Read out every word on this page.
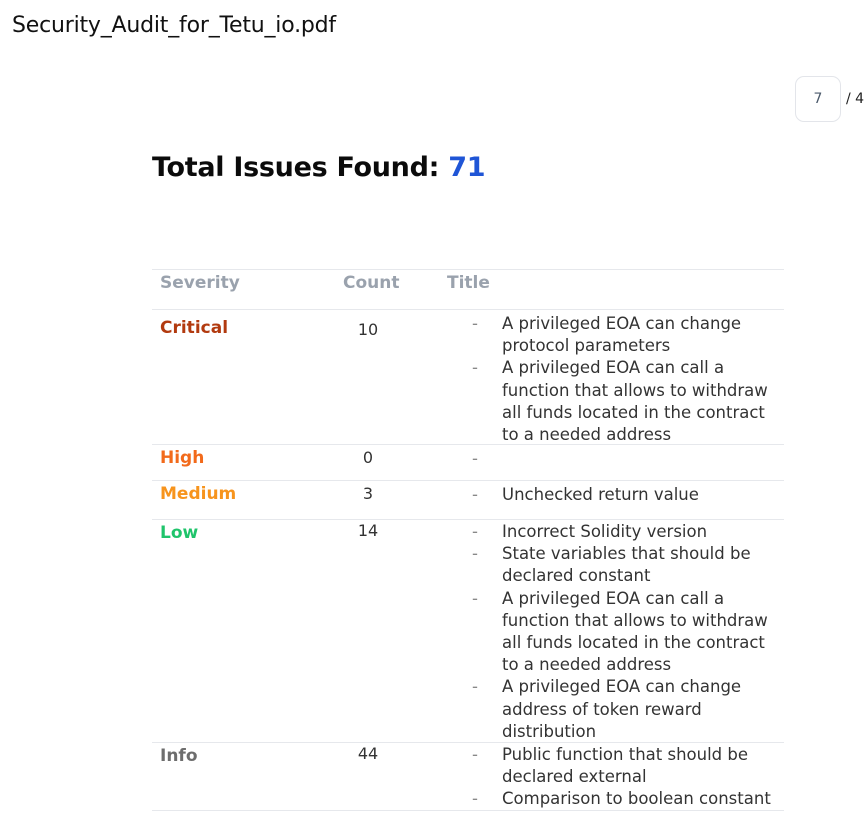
Security_Audit_for_Tetu_io.pdf
7
/ 4
Total Issues Found: 71
Severity	Count	Title
Critical	10	- A privileged EOA can change
protocol parameters
- A privileged EOA can call a
function that allows to withdraw
all funds located in the contract
to a needed address
High	0	-
Medium	3	- Unchecked return value
Low	14	- Incorrect Solidity version
- State variables that should be
declared constant
- A privileged EOA can call a
function that allows to withdraw
all funds located in the contract
to a needed address
- A privileged EOA can change
address of token reward
distribution
Info	44	- Public function that should be
declared external
- Comparison to boolean constant
